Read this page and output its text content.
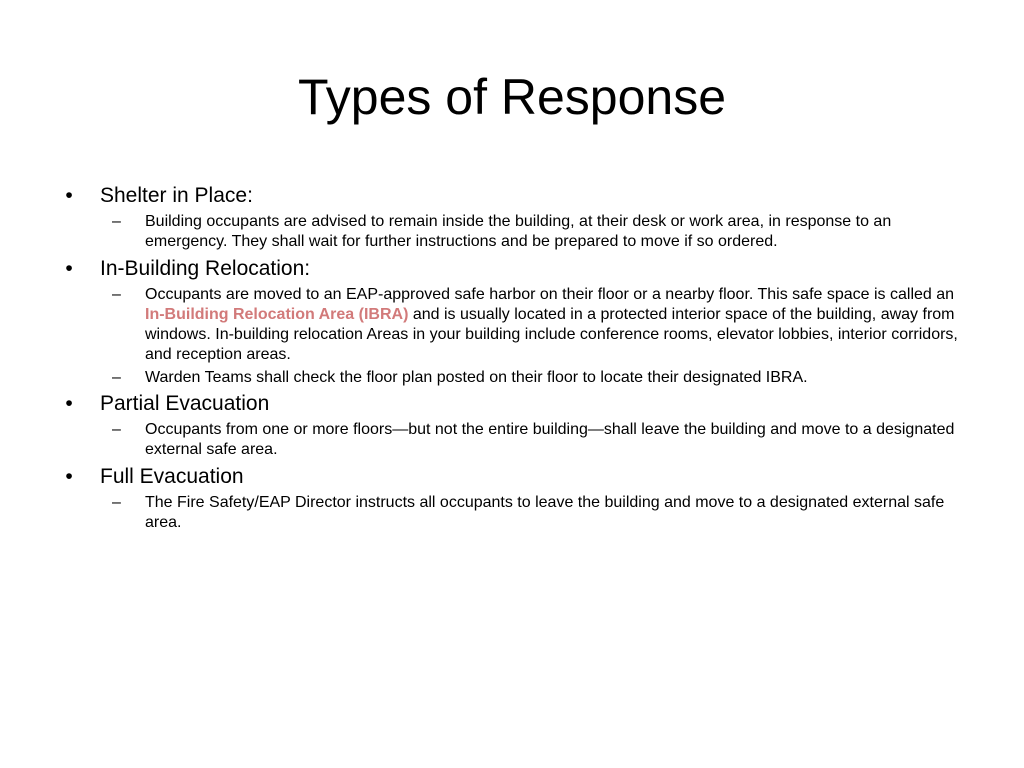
Types of Response
• Shelter in Place:
– Building occupants are advised to remain inside the building, at their desk or work area, in response to an emergency. They shall wait for further instructions and be prepared to move if so ordered.
• In-Building Relocation:
– Occupants are moved to an EAP-approved safe harbor on their floor or a nearby floor. This safe space is called an In-Building Relocation Area (IBRA) and is usually located in a protected interior space of the building, away from windows. In-building relocation Areas in your building include conference rooms, elevator lobbies, interior corridors, and reception areas.
– Warden Teams shall check the floor plan posted on their floor to locate their designated IBRA.
• Partial Evacuation
– Occupants from one or more floors—but not the entire building—shall leave the building and move to a designated external safe area.
• Full Evacuation
– The Fire Safety/EAP Director instructs all occupants to leave the building and move to a designated external safe area.
